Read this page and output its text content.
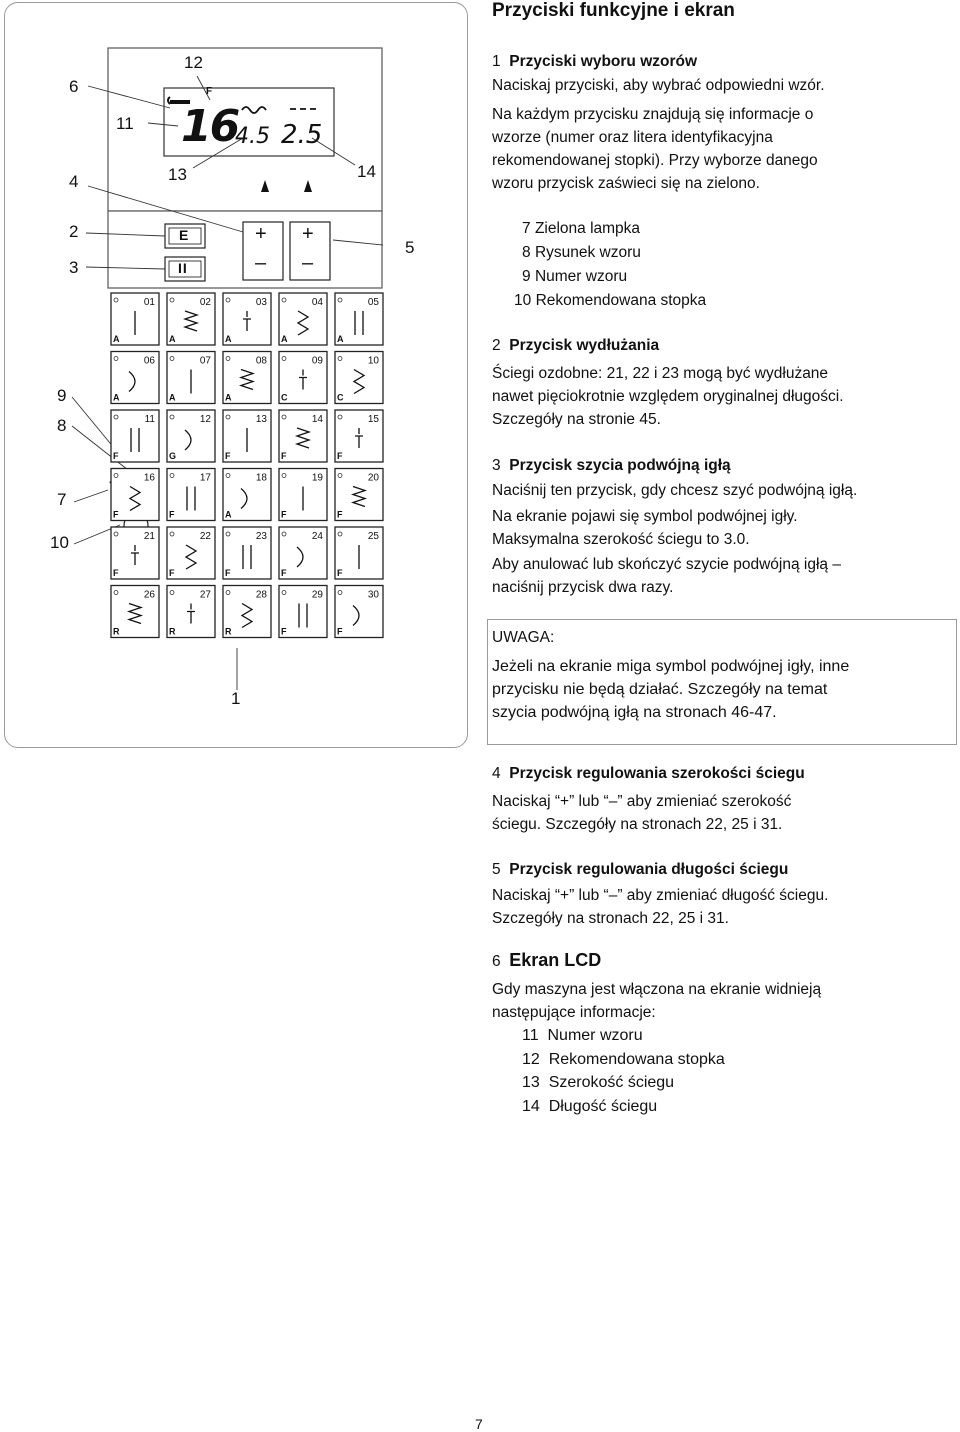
01
A
02
A
03
A
04
A
05
A
06
A
07
A
08
A
09
C
10
C
11
F
12
G
13
F
14
F
15
F
16
F
17
F
18
A
19
F
20
F
21
F
22
F
23
F
24
F
25
F
26
R
27
R
28
R
29
F
30
F
16
4.5 2.5
F
E
II
+
–
+
–
6
12
11
4	13	14
2
3
5
9
8
7
10
1
Przyciski funkcyjne i ekran
1 Przyciski wyboru wzorów
Naciskaj przyciski, aby wybrać odpowiedni wzór.
Na każdym przycisku znajdują się informacje o
wzorze (numer oraz litera identyfikacyjna
rekomendowanej stopki). Przy wyborze danego
wzoru przycisk zaświeci się na zielono.
7 Zielona lampka
8 Rysunek wzoru
9 Numer wzoru
10 Rekomendowana stopka
2 Przycisk wydłużania
Ściegi ozdobne: 21, 22 i 23 mogą być wydłużane
nawet pięciokrotnie względem oryginalnej długości.
Szczegóły na stronie 45.
3 Przycisk szycia podwójną igłą
Naciśnij ten przycisk, gdy chcesz szyć podwójną igłą.
Na ekranie pojawi się symbol podwójnej igły.
Maksymalna szerokość ściegu to 3.0.
Aby anulować lub skończyć szycie podwójną igłą –
naciśnij przycisk dwa razy.
UWAGA:
Jeżeli na ekranie miga symbol podwójnej igły, inne
przycisku nie będą działać. Szczegóły na temat
szycia podwójną igłą na stronach 46-47.
4 Przycisk regulowania szerokości ściegu
Naciskaj “+” lub “–” aby zmieniać szerokość
ściegu. Szczegóły na stronach 22, 25 i 31.
5 Przycisk regulowania długości ściegu
Naciskaj “+” lub “–” aby zmieniać długość ściegu.
Szczegóły na stronach 22, 25 i 31.
6 Ekran LCD
Gdy maszyna jest włączona na ekranie widnieją
następujące informacje:
11 Numer wzoru
12 Rekomendowana stopka
13 Szerokość ściegu
14 Długość ściegu
7
